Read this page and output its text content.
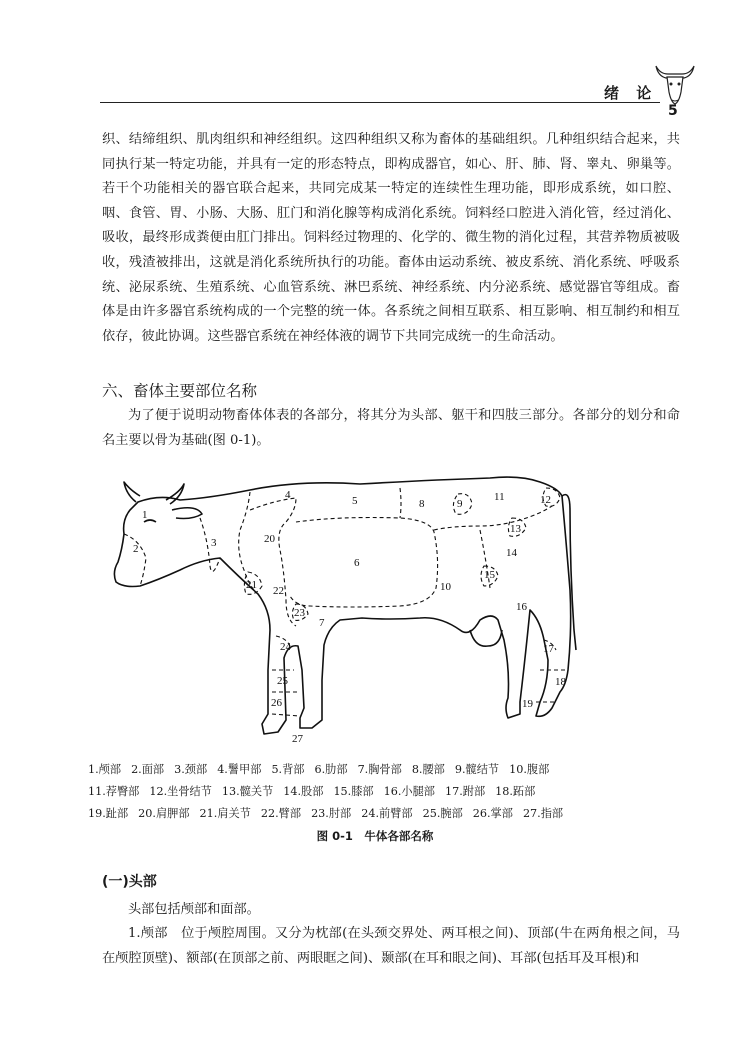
绪 论
5

织、结缔组织、肌肉组织和神经组织。这四种组织又称为畜体的基础组织。几种组织结合起来，共同执行某一特定功能，并具有一定的形态特点，即构成器官，如心、肝、肺、肾、睾丸、卵巢等。若干个功能相关的器官联合起来，共同完成某一特定的连续性生理功能，即形成系统，如口腔、咽、食管、胃、小肠、大肠、肛门和消化腺等构成消化系统。饲料经口腔进入消化管，经过消化、吸收，最终形成粪便由肛门排出。饲料经过物理的、化学的、微生物的消化过程，其营养物质被吸收，残渣被排出，这就是消化系统所执行的功能。畜体由运动系统、被皮系统、消化系统、呼吸系统、泌尿系统、生殖系统、心血管系统、淋巴系统、神经系统、内分泌系统、感觉器官等组成。畜体是由许多器官系统构成的一个完整的统一体。各系统之间相互联系、相互影响、相互制约和相互依存，彼此协调。这些器官系统在神经体液的调节下共同完成统一的生命活动。

六、畜体主要部位名称

为了便于说明动物畜体体表的各部分，将其分为头部、躯干和四肢三部分。各部分的划分和命名主要以骨为基础(图 0-1)。

1
2	3
4	5
6
7
8	9
10
11	12
13
14
15
16
17
18
19
20
21 22
23
24
25
26
27
1.颅部 2.面部 3.颈部 4.鬐甲部 5.背部 6.肋部 7.胸骨部 8.腰部 9.髋结节 10.腹部
11.荐臀部 12.坐骨结节 13.髋关节 14.股部 15.膝部 16.小腿部 17.跗部 18.跖部
19.趾部 20.肩胛部 21.肩关节 22.臂部 23.肘部 24.前臂部 25.腕部 26.掌部 27.指部
图 0-1　牛体各部名称
(一)头部

头部包括颅部和面部。

1.颅部　位于颅腔周围。又分为枕部(在头颈交界处、两耳根之间)、顶部(牛在两角根之间，马在颅腔顶壁)、额部(在顶部之前、两眼眶之间)、颞部(在耳和眼之间)、耳部(包括耳及耳根)和
